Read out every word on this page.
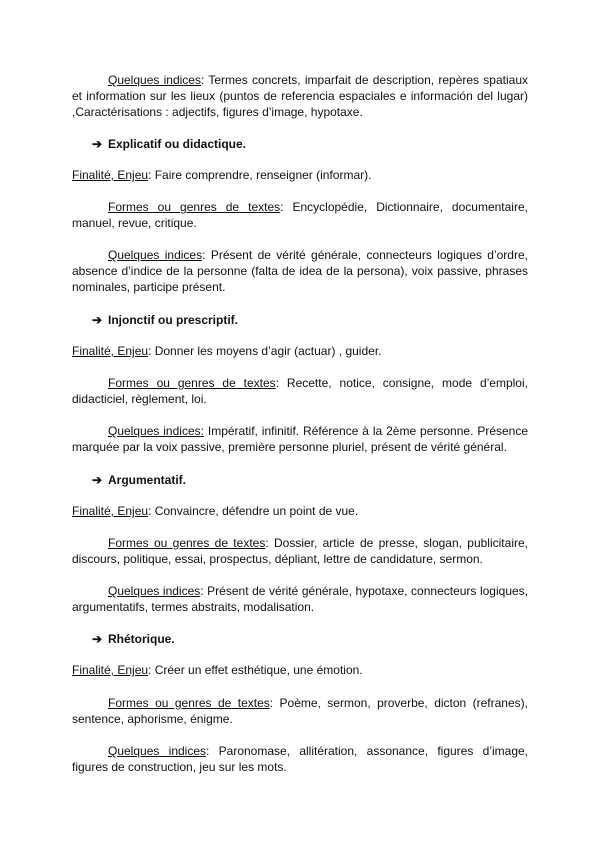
Quelques indices: Termes concrets, imparfait de description, repères spatiaux et information sur les lieux (puntos de referencia espaciales e información del lugar) ,Caractérisations : adjectifs, figures d’image, hypotaxe.

➔ Explicatif ou didactique.

Finalité, Enjeu: Faire comprendre, renseigner (informar).

Formes ou genres de textes: Encyclopédie, Dictionnaire, documentaire, manuel, revue, critique.

Quelques indices: Présent de vérité générale, connecteurs logiques d’ordre, absence d’indice de la personne (falta de idea de la persona), voix passive, phrases nominales, participe présent.

➔ Injonctif ou prescriptif.

Finalité, Enjeu: Donner les moyens d’agir (actuar) , guider.

Formes ou genres de textes: Recette, notice, consigne, mode d’emploi, didacticiel, règlement, loi.

Quelques indices: Impératif, infinitif. Référence à la 2ème personne. Présence marquée par la voix passive, première personne pluriel, présent de vérité général.

➔ Argumentatif.

Finalité, Enjeu: Convaincre, défendre un point de vue.

Formes ou genres de textes: Dossier, article de presse, slogan, publicitaire, discours, politique, essai, prospectus, dépliant, lettre de candidature, sermon.

Quelques indices: Présent de vérité générale, hypotaxe, connecteurs logiques, argumentatifs, termes abstraits, modalisation.

➔ Rhétorique.

Finalité, Enjeu: Créer un effet esthétique, une émotion.

Formes ou genres de textes: Poème, sermon, proverbe, dicton (refranes), sentence, aphorisme, énigme.

Quelques indices: Paronomase, allitération, assonance, figures d’image, figures de construction, jeu sur les mots.
